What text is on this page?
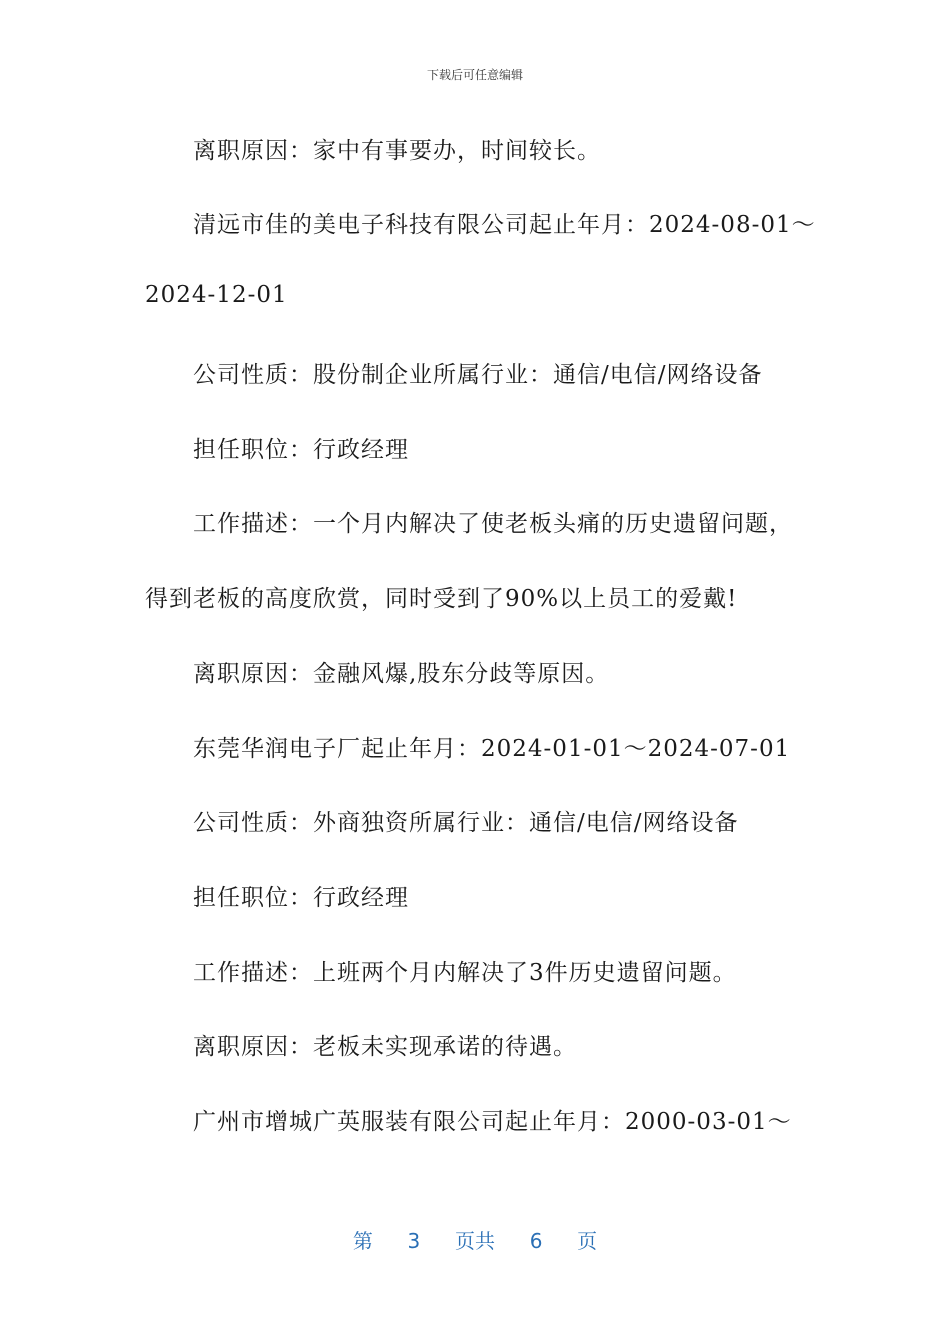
下载后可任意编辑
离职原因：家中有事要办，时间较长。
清远市佳的美电子科技有限公司起止年月：2024-08-01～
2024-12-01
公司性质：股份制企业所属行业：通信/电信/网络设备
担任职位：行政经理
工作描述：一个月内解决了使老板头痛的历史遗留问题，
得到老板的高度欣赏，同时受到了90%以上员工的爱戴!
离职原因：金融风爆,股东分歧等原因。
东莞华润电子厂起止年月：2024-01-01～2024-07-01
公司性质：外商独资所属行业：通信/电信/网络设备
担任职位：行政经理
工作描述：上班两个月内解决了3件历史遗留问题。
离职原因：老板未实现承诺的待遇。
广州市增城广英服装有限公司起止年月：2000-03-01～
第 3 页共 6 页
